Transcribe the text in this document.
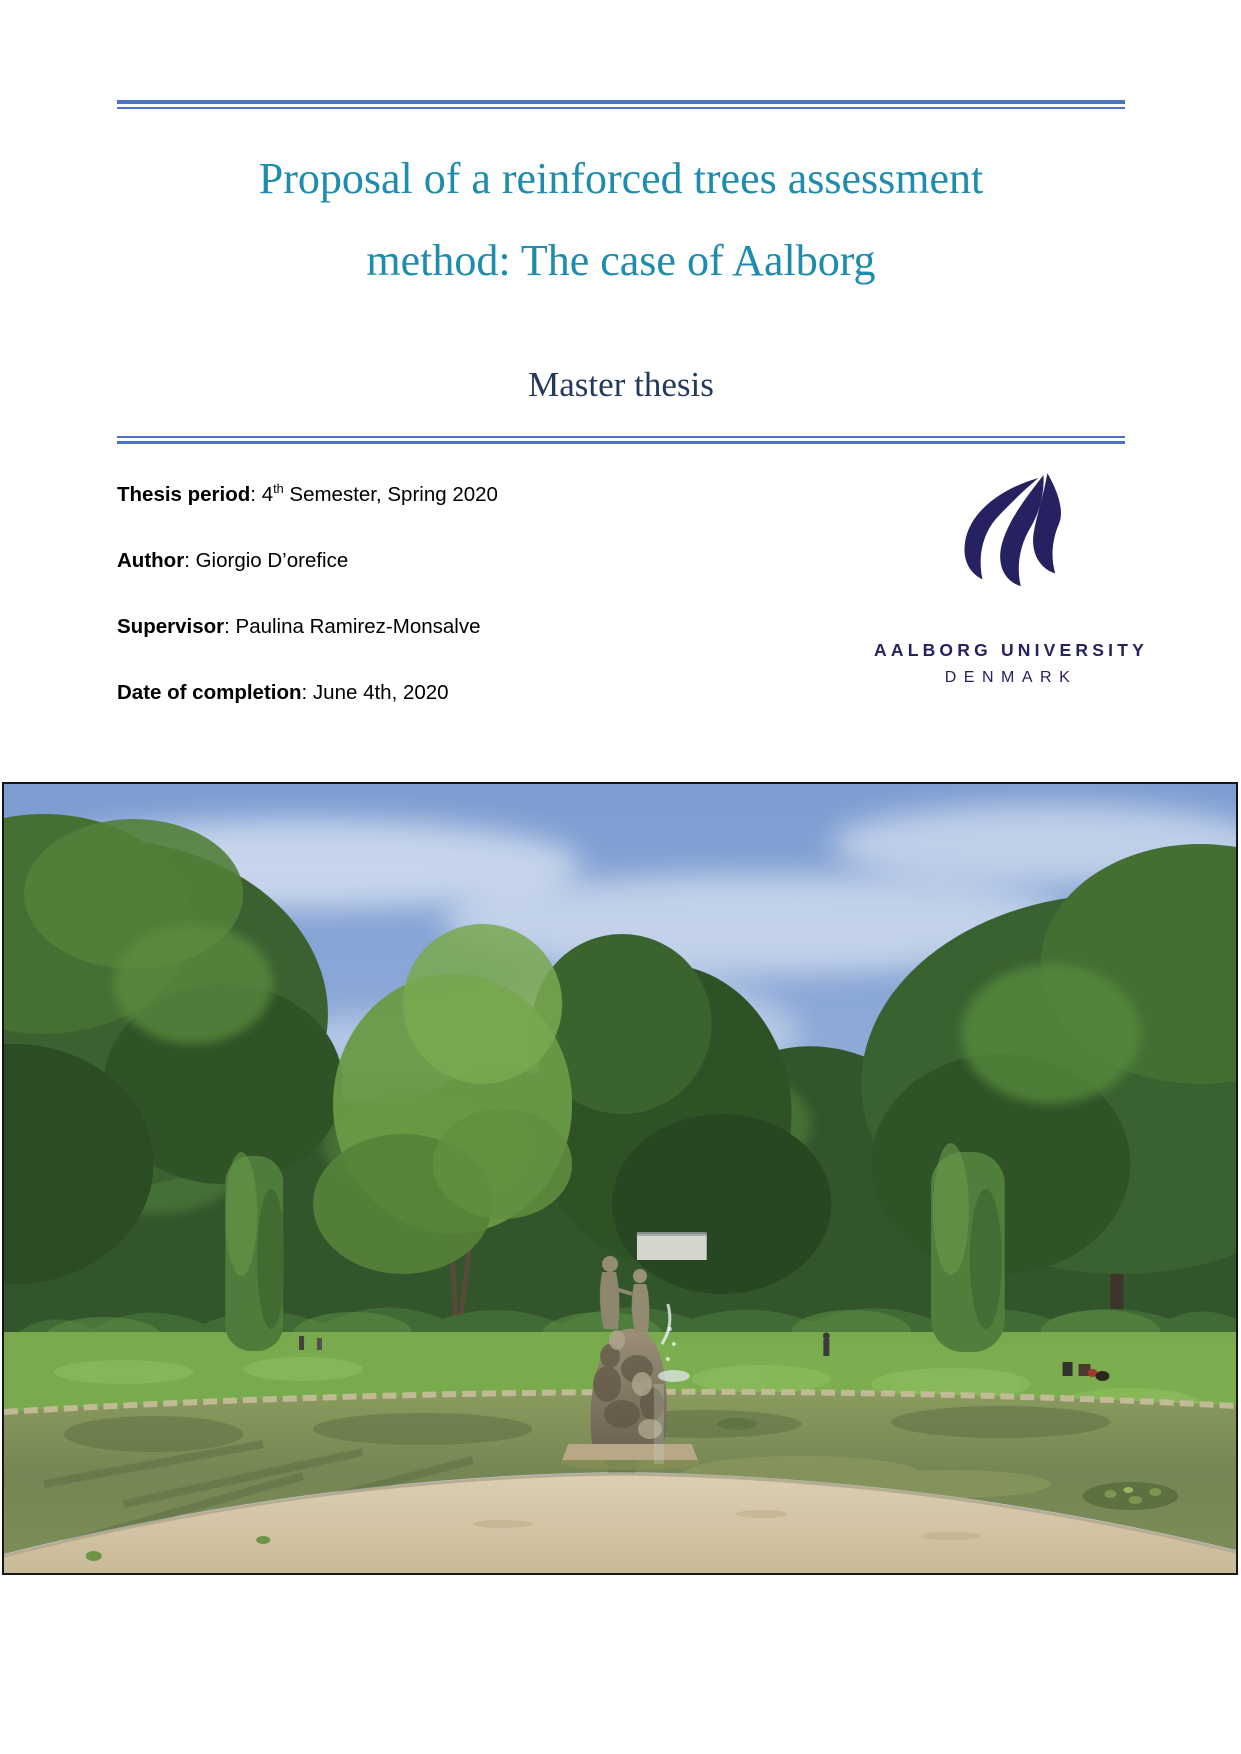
Proposal of a reinforced trees assessment
method: The case of Aalborg
Master thesis

Thesis period: 4th Semester, Spring 2020

Author: Giorgio D’orefice

Supervisor: Paulina Ramirez-Monsalve

Date of completion: June 4th, 2020

AALBORG UNIVERSITY
DENMARK
